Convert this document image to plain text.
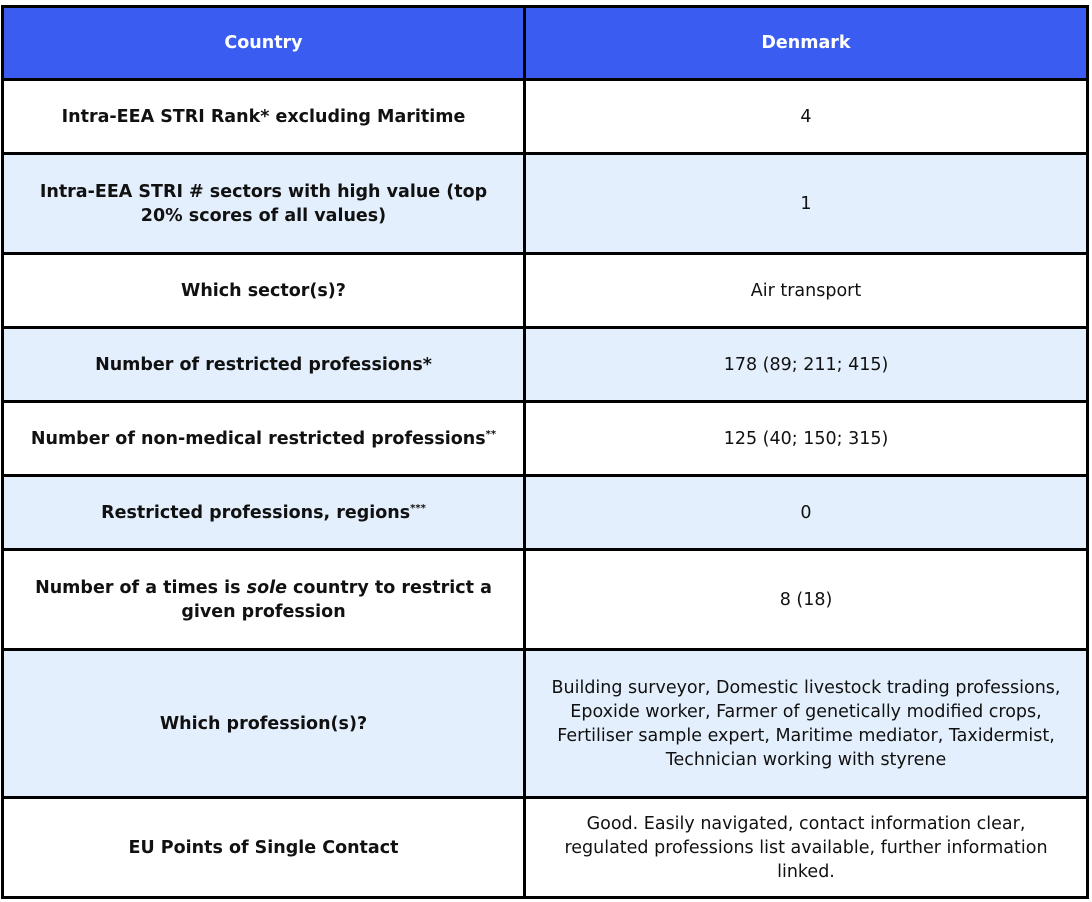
Country	Denmark
Intra-EEA STRI Rank* excluding Maritime	4
Intra-EEA STRI # sectors with high value (top 20% scores of all values)	1
Which sector(s)?	Air transport
Number of restricted professions*	178 (89; 211; 415)
Number of non-medical restricted professions**	125 (40; 150; 315)
Restricted professions, regions***	0
Number of a times is sole country to restrict a given profession	8 (18)
Which profession(s)?	Building surveyor, Domestic livestock trading professions, Epoxide worker, Farmer of genetically modified crops, Fertiliser sample expert, Maritime mediator, Taxidermist, Technician working with styrene
EU Points of Single Contact	Good. Easily navigated, contact information clear, regulated professions list available, further information linked.
